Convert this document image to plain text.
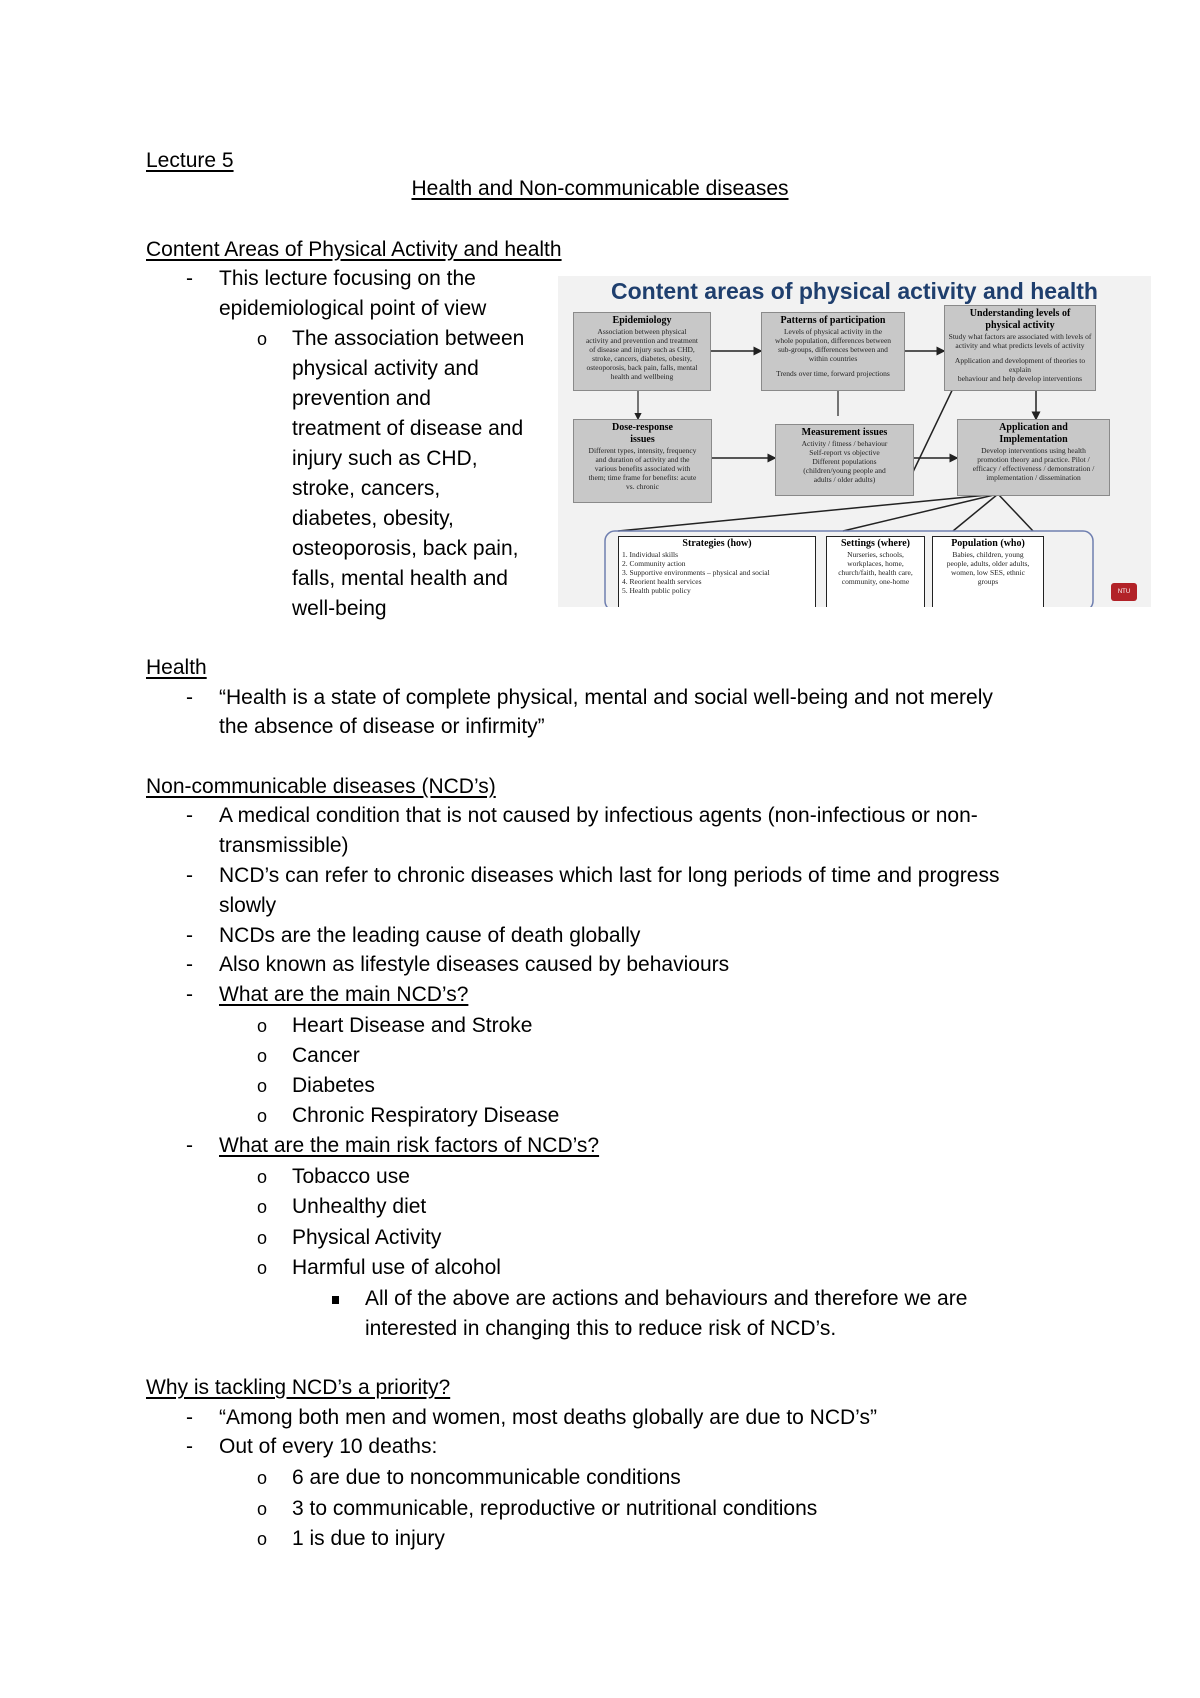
Lecture 5
Health and Non-communicable diseases
Content Areas of Physical Activity and health
- This lecture focusing on the
epidemiological point of view
o The association between
physical activity and
prevention and
treatment of disease and
injury such as CHD,
stroke, cancers,
diabetes, obesity,
osteoporosis, back pain,
falls, mental health and
well-being
Content areas of physical activity and health
Epidemiology
Association between physical
activity and prevention and treatment
of disease and injury such as CHD,
stroke, cancers, diabetes, obesity,
osteoporosis, back pain, falls, mental
health and wellbeing
Patterns of participation
Levels of physical activity in the
whole population, differences between
sub-groups, differences between and
within countries
Trends over time, forward projections
Understanding levels of physical activity
Study what factors are associated with levels of
activity and what predicts levels of activity
Application and development of theories to explain
behaviour and help develop interventions
Dose-response issues
Different types, intensity, frequency
and duration of activity and the
various benefits associated with
them; time frame for benefits: acute
vs. chronic
Measurement issues
Activity / fitness / behaviour
Self-report vs objective
Different populations
(children/young people and
adults / older adults)
Application and Implementation
Develop interventions using health
promotion theory and practice. Pilot /
efficacy / effectiveness / demonstration /
implementation / dissemination
Strategies (how)
1. Individual skills
2. Community action
3. Supportive environments – physical and social
4. Reorient health services
5. Health public policy
Settings (where)
Nurseries, schools,
workplaces, home,
church/faith, health care,
community, one-home
Population (who)
Babies, children, young
people, adults, older adults,
women, low SES, ethnic
groups
NTU
Health
- “Health is a state of complete physical, mental and social well-being and not merely
the absence of disease or infirmity”
Non-communicable diseases (NCD’s)
- A medical condition that is not caused by infectious agents (non-infectious or non-
transmissible)
- NCD’s can refer to chronic diseases which last for long periods of time and progress
slowly
- NCDs are the leading cause of death globally
- Also known as lifestyle diseases caused by behaviours
- What are the main NCD’s?
o Heart Disease and Stroke
o Cancer
o Diabetes
o Chronic Respiratory Disease
- What are the main risk factors of NCD’s?
o Tobacco use
o Unhealthy diet
o Physical Activity
o Harmful use of alcohol
All of the above are actions and behaviours and therefore we are
interested in changing this to reduce risk of NCD’s.
Why is tackling NCD’s a priority?
- “Among both men and women, most deaths globally are due to NCD’s”
- Out of every 10 deaths:
o 6 are due to noncommunicable conditions
o 3 to communicable, reproductive or nutritional conditions
o 1 is due to injury
